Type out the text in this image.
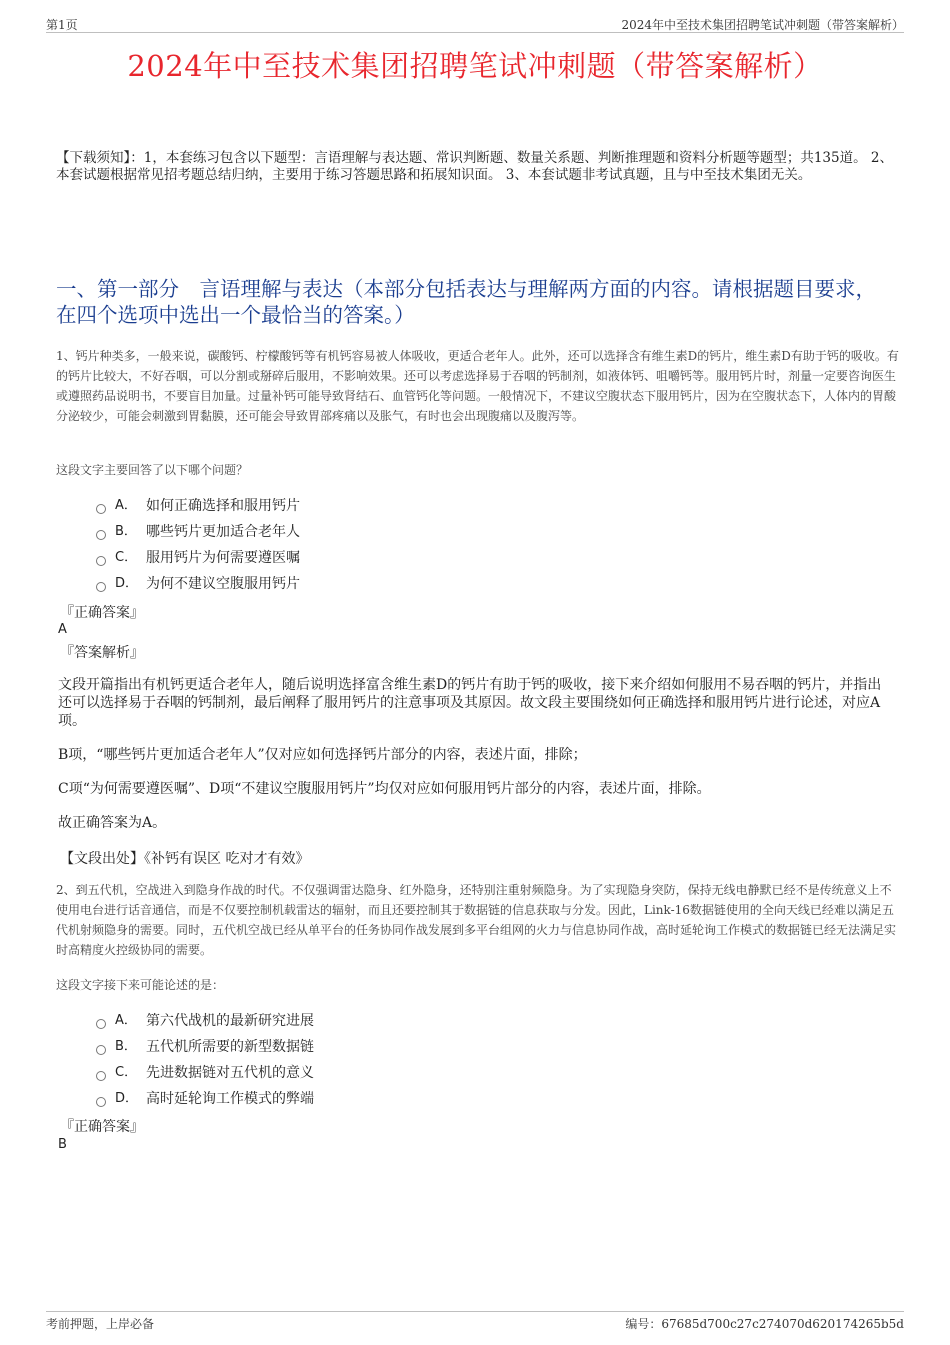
第1页	2024年中至技术集团招聘笔试冲刺题（带答案解析）
2024年中至技术集团招聘笔试冲刺题（带答案解析）
【下载须知】：1，本套练习包含以下题型：言语理解与表达题、常识判断题、数量关系题、判断推理题和资料分析题等题型；共135道。 2、本套试题根据常见招考题总结归纳，主要用于练习答题思路和拓展知识面。 3、本套试题非考试真题，且与中至技术集团无关。
一、第一部分　言语理解与表达（本部分包括表达与理解两方面的内容。请根据题目要求，在四个选项中选出一个最恰当的答案。）
1、钙片种类多，一般来说，碳酸钙、柠檬酸钙等有机钙容易被人体吸收，更适合老年人。此外，还可以选择含有维生素D的钙片，维生素D有助于钙的吸收。有的钙片比较大，不好吞咽，可以分割或掰碎后服用，不影响效果。还可以考虑选择易于吞咽的钙制剂，如液体钙、咀嚼钙等。服用钙片时，剂量一定要咨询医生或遵照药品说明书，不要盲目加量。过量补钙可能导致肾结石、血管钙化等问题。一般情况下，不建议空腹状态下服用钙片，因为在空腹状态下，人体内的胃酸分泌较少，可能会刺激到胃黏膜，还可能会导致胃部疼痛以及胀气，有时也会出现腹痛以及腹泻等。
这段文字主要回答了以下哪个问题？
A． 如何正确选择和服用钙片
B． 哪些钙片更加适合老年人
C． 服用钙片为何需要遵医嘱
D． 为何不建议空腹服用钙片
『正确答案』
A
『答案解析』
文段开篇指出有机钙更适合老年人，随后说明选择富含维生素D的钙片有助于钙的吸收，接下来介绍如何服用不易吞咽的钙片，并指出还可以选择易于吞咽的钙制剂，最后阐释了服用钙片的注意事项及其原因。故文段主要围绕如何正确选择和服用钙片进行论述，对应A项。
B项，“哪些钙片更加适合老年人”仅对应如何选择钙片部分的内容，表述片面，排除；
C项“为何需要遵医嘱”、D项“不建议空腹服用钙片”均仅对应如何服用钙片部分的内容，表述片面，排除。
故正确答案为A。
【文段出处】《补钙有误区 吃对才有效》
2、到五代机，空战进入到隐身作战的时代。不仅强调雷达隐身、红外隐身，还特别注重射频隐身。为了实现隐身突防，保持无线电静默已经不是传统意义上不使用电台进行话音通信，而是不仅要控制机载雷达的辐射，而且还要控制其于数据链的信息获取与分发。因此，Link-16数据链使用的全向天线已经难以满足五代机射频隐身的需要。同时，五代机空战已经从单平台的任务协同作战发展到多平台组网的火力与信息协同作战，高时延轮询工作模式的数据链已经无法满足实时高精度火控级协同的需要。
这段文字接下来可能论述的是：
A． 第六代战机的最新研究进展
B． 五代机所需要的新型数据链
C． 先进数据链对五代机的意义
D． 高时延轮询工作模式的弊端
『正确答案』
B
考前押题，上岸必备	编号：67685d700c27c274070d620174265b5d
